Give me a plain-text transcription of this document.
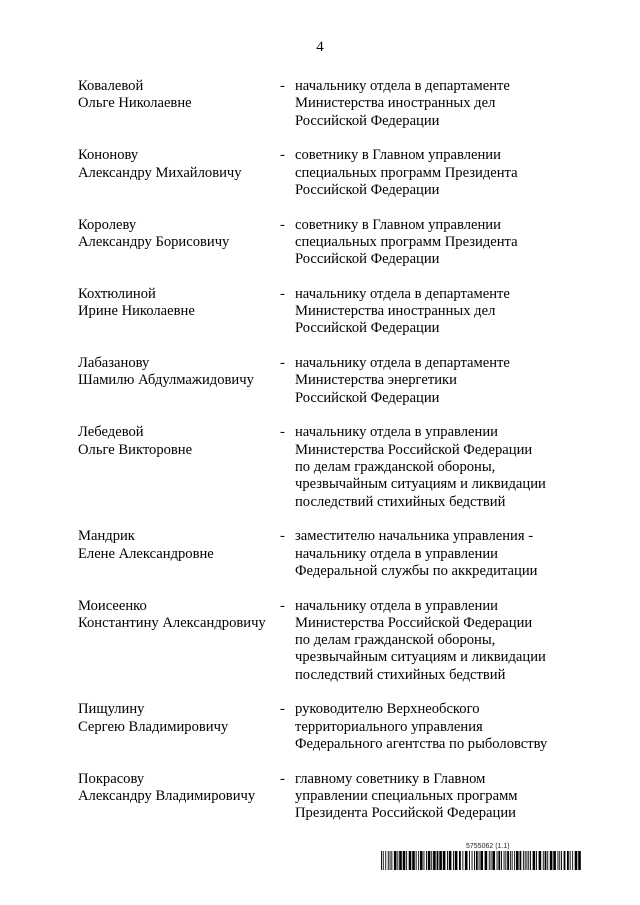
4
Ковалевой
Ольге Николаевне
- начальнику отдела в департаменте
Министерства иностранных дел
Российской Федерации
Кононову
Александру Михайловичу
- советнику в Главном управлении
специальных программ Президента
Российской Федерации
Королеву
Александру Борисовичу
- советнику в Главном управлении
специальных программ Президента
Российской Федерации
Кохтюлиной
Ирине Николаевне
- начальнику отдела в департаменте
Министерства иностранных дел
Российской Федерации
Лабазанову
Шамилю Абдулмажидовичу
- начальнику отдела в департаменте
Министерства энергетики
Российской Федерации
Лебедевой
Ольге Викторовне
- начальнику отдела в управлении
Министерства Российской Федерации
по делам гражданской обороны,
чрезвычайным ситуациям и ликвидации
последствий стихийных бедствий
Мандрик
Елене Александровне
- заместителю начальника управления -
начальнику отдела в управлении
Федеральной службы по аккредитации
Моисеенко
Константину Александровичу
- начальнику отдела в управлении
Министерства Российской Федерации
по делам гражданской обороны,
чрезвычайным ситуациям и ликвидации
последствий стихийных бедствий
Пищулину
Сергею Владимировичу
- руководителю Верхнеобского
территориального управления
Федерального агентства по рыболовству
Покрасову
Александру Владимировичу
- главному советнику в Главном
управлении специальных программ
Президента Российской Федерации
5755062 (1.1)
